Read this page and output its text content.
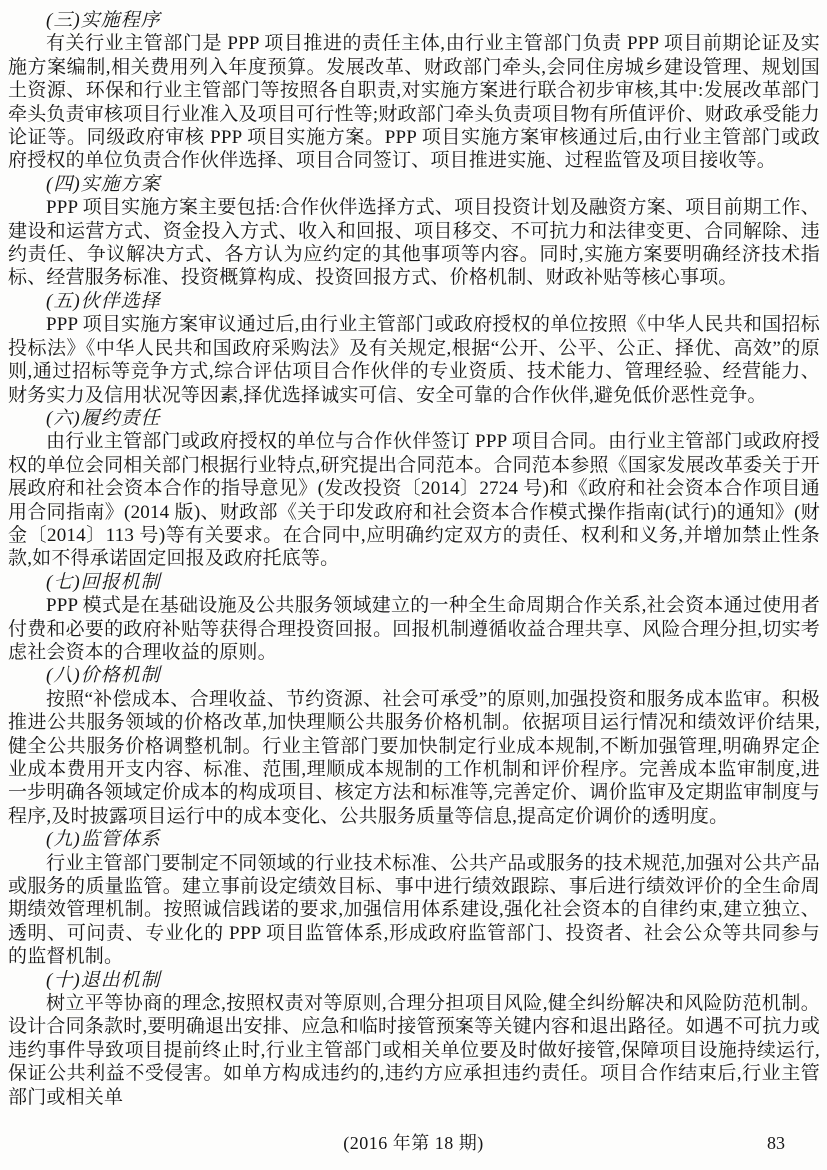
(三)实施程序

有关行业主管部门是 PPP 项目推进的责任主体,由行业主管部门负责 PPP 项目前期论证及实施方案编制,相关费用列入年度预算。发展改革、财政部门牵头,会同住房城乡建设管理、规划国土资源、环保和行业主管部门等按照各自职责,对实施方案进行联合初步审核,其中:发展改革部门牵头负责审核项目行业准入及项目可行性等;财政部门牵头负责项目物有所值评价、财政承受能力论证等。同级政府审核 PPP 项目实施方案。PPP 项目实施方案审核通过后,由行业主管部门或政府授权的单位负责合作伙伴选择、项目合同签订、项目推进实施、过程监管及项目接收等。

(四)实施方案

PPP 项目实施方案主要包括:合作伙伴选择方式、项目投资计划及融资方案、项目前期工作、建设和运营方式、资金投入方式、收入和回报、项目移交、不可抗力和法律变更、合同解除、违约责任、争议解决方式、各方认为应约定的其他事项等内容。同时,实施方案要明确经济技术指标、经营服务标准、投资概算构成、投资回报方式、价格机制、财政补贴等核心事项。

(五)伙伴选择

PPP 项目实施方案审议通过后,由行业主管部门或政府授权的单位按照《中华人民共和国招标投标法》《中华人民共和国政府采购法》及有关规定,根据“公开、公平、公正、择优、高效”的原则,通过招标等竞争方式,综合评估项目合作伙伴的专业资质、技术能力、管理经验、经营能力、财务实力及信用状况等因素,择优选择诚实可信、安全可靠的合作伙伴,避免低价恶性竞争。

(六)履约责任

由行业主管部门或政府授权的单位与合作伙伴签订 PPP 项目合同。由行业主管部门或政府授权的单位会同相关部门根据行业特点,研究提出合同范本。合同范本参照《国家发展改革委关于开展政府和社会资本合作的指导意见》(发改投资〔2014〕2724 号)和《政府和社会资本合作项目通用合同指南》(2014 版)、财政部《关于印发政府和社会资本合作模式操作指南(试行)的通知》(财金〔2014〕113 号)等有关要求。在合同中,应明确约定双方的责任、权利和义务,并增加禁止性条款,如不得承诺固定回报及政府托底等。

(七)回报机制

PPP 模式是在基础设施及公共服务领域建立的一种全生命周期合作关系,社会资本通过使用者付费和必要的政府补贴等获得合理投资回报。回报机制遵循收益合理共享、风险合理分担,切实考虑社会资本的合理收益的原则。

(八)价格机制

按照“补偿成本、合理收益、节约资源、社会可承受”的原则,加强投资和服务成本监审。积极推进公共服务领域的价格改革,加快理顺公共服务价格机制。依据项目运行情况和绩效评价结果,健全公共服务价格调整机制。行业主管部门要加快制定行业成本规制,不断加强管理,明确界定企业成本费用开支内容、标准、范围,理顺成本规制的工作机制和评价程序。完善成本监审制度,进一步明确各领域定价成本的构成项目、核定方法和标准等,完善定价、调价监审及定期监审制度与程序,及时披露项目运行中的成本变化、公共服务质量等信息,提高定价调价的透明度。

(九)监管体系

行业主管部门要制定不同领域的行业技术标准、公共产品或服务的技术规范,加强对公共产品或服务的质量监管。建立事前设定绩效目标、事中进行绩效跟踪、事后进行绩效评价的全生命周期绩效管理机制。按照诚信践诺的要求,加强信用体系建设,强化社会资本的自律约束,建立独立、透明、可问责、专业化的 PPP 项目监管体系,形成政府监管部门、投资者、社会公众等共同参与的监督机制。

(十)退出机制

树立平等协商的理念,按照权责对等原则,合理分担项目风险,健全纠纷解决和风险防范机制。设计合同条款时,要明确退出安排、应急和临时接管预案等关键内容和退出路径。如遇不可抗力或违约事件导致项目提前终止时,行业主管部门或相关单位要及时做好接管,保障项目设施持续运行,保证公共利益不受侵害。如单方构成违约的,违约方应承担违约责任。项目合作结束后,行业主管部门或相关单

(2016 年第 18 期)	83
